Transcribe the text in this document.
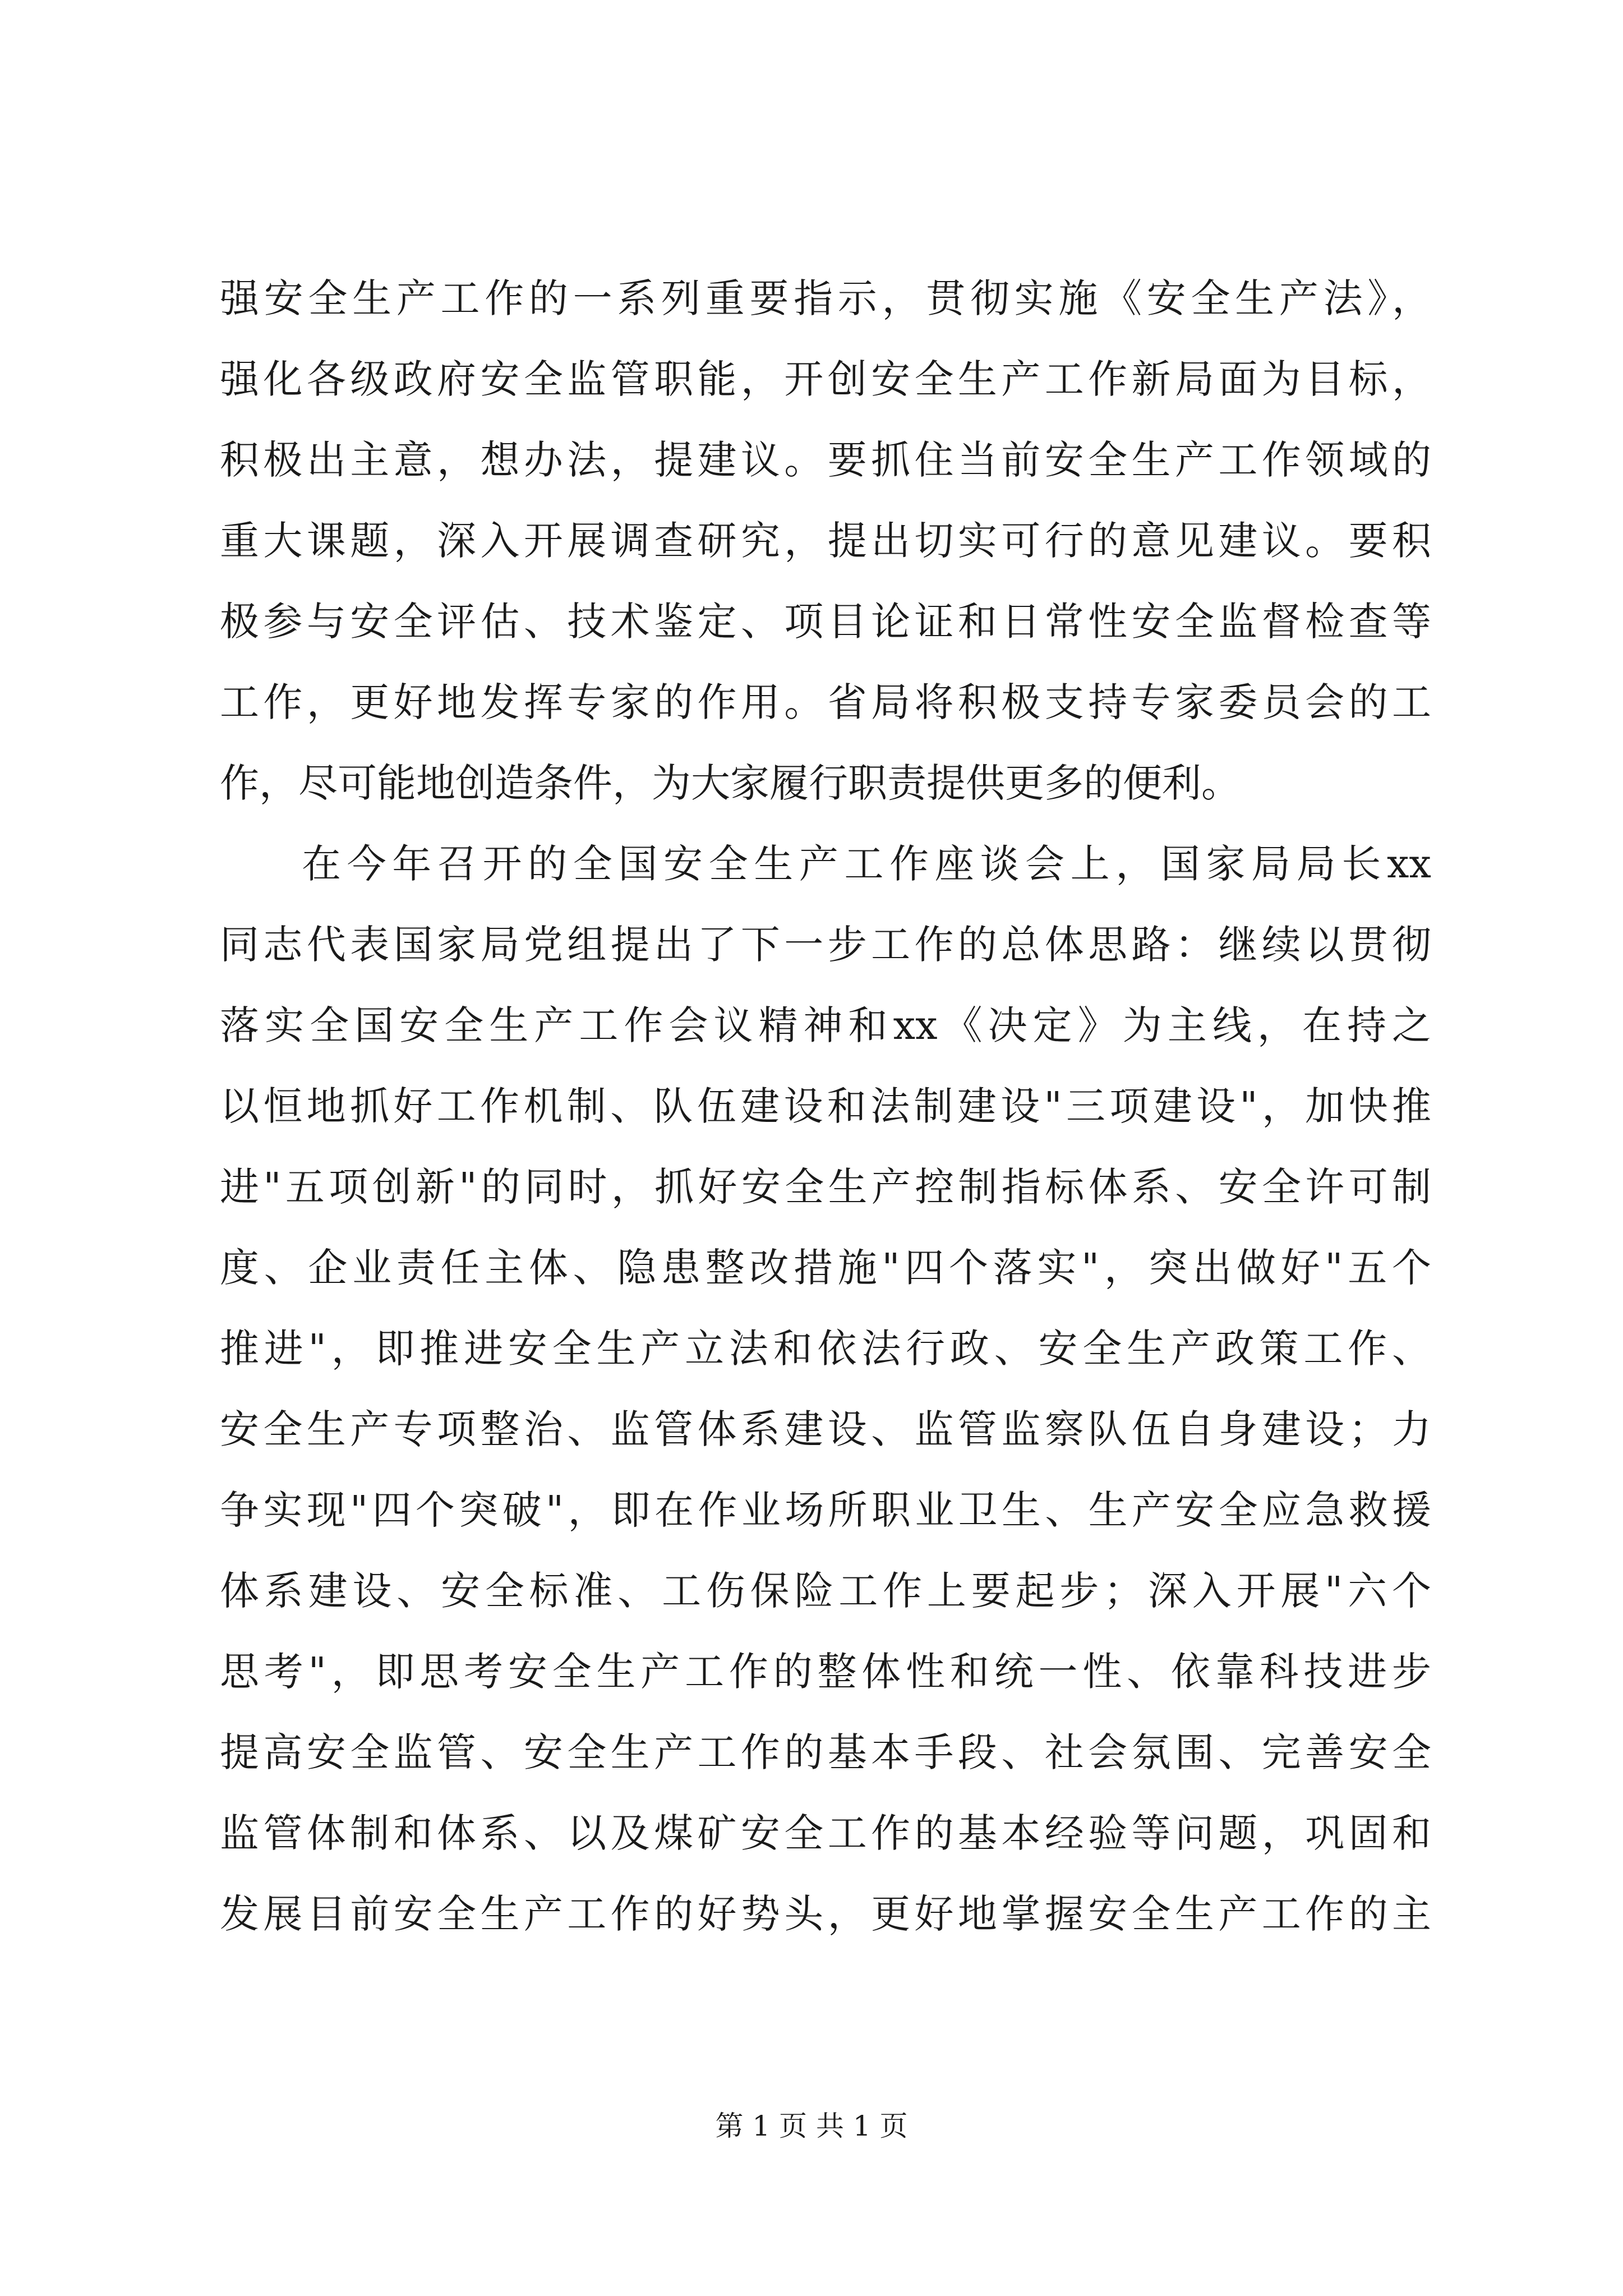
强安全生产工作的一系列重要指示，贯彻实施《安全生产法》，
强化各级政府安全监管职能，开创安全生产工作新局面为目标，
积极出主意，想办法，提建议。要抓住当前安全生产工作领域的
重大课题，深入开展调查研究，提出切实可行的意见建议。要积
极参与安全评估、技术鉴定、项目论证和日常性安全监督检查等
工作，更好地发挥专家的作用。省局将积极支持专家委员会的工
作，尽可能地创造条件，为大家履行职责提供更多的便利。
在今年召开的全国安全生产工作座谈会上，国家局局长xx
同志代表国家局党组提出了下一步工作的总体思路：继续以贯彻
落实全国安全生产工作会议精神和xx《决定》为主线，在持之
以恒地抓好工作机制、队伍建设和法制建设"三项建设"，加快推
进"五项创新"的同时，抓好安全生产控制指标体系、安全许可制
度、企业责任主体、隐患整改措施"四个落实"，突出做好"五个
推进"，即推进安全生产立法和依法行政、安全生产政策工作、
安全生产专项整治、监管体系建设、监管监察队伍自身建设；力
争实现"四个突破"，即在作业场所职业卫生、生产安全应急救援
体系建设、安全标准、工伤保险工作上要起步；深入开展"六个
思考"，即思考安全生产工作的整体性和统一性、依靠科技进步
提高安全监管、安全生产工作的基本手段、社会氛围、完善安全
监管体制和体系、以及煤矿安全工作的基本经验等问题，巩固和
发展目前安全生产工作的好势头，更好地掌握安全生产工作的主
第 1 页 共 1 页
